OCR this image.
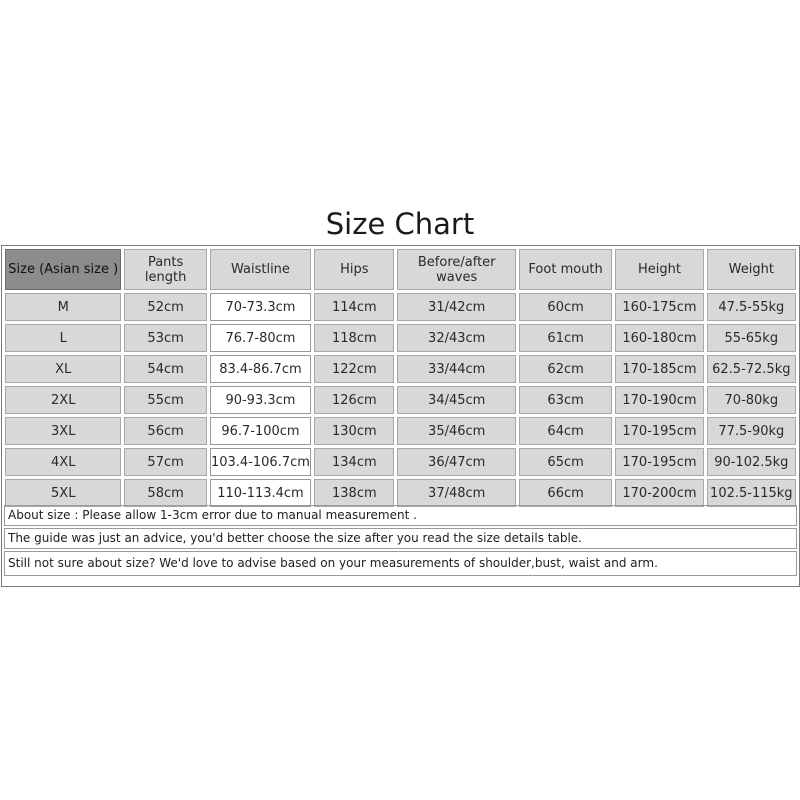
Size Chart
Size (Asian size )	Pants length	Waistline	Hips	Before/after waves	Foot mouth	Height	Weight
M	52cm	70-73.3cm	114cm	31/42cm	60cm	160-175cm	47.5-55kg
L	53cm	76.7-80cm	118cm	32/43cm	61cm	160-180cm	55-65kg
XL	54cm	83.4-86.7cm	122cm	33/44cm	62cm	170-185cm	62.5-72.5kg
2XL	55cm	90-93.3cm	126cm	34/45cm	63cm	170-190cm	70-80kg
3XL	56cm	96.7-100cm	130cm	35/46cm	64cm	170-195cm	77.5-90kg
4XL	57cm	103.4-106.7cm	134cm	36/47cm	65cm	170-195cm	90-102.5kg
5XL	58cm	110-113.4cm	138cm	37/48cm	66cm	170-200cm	102.5-115kg
About size : Please allow 1-3cm error due to manual measurement .
The guide was just an advice, you'd better choose the size after you read the size details table.
Still not sure about size? We'd love to advise based on your measurements of shoulder,bust, waist and arm.
